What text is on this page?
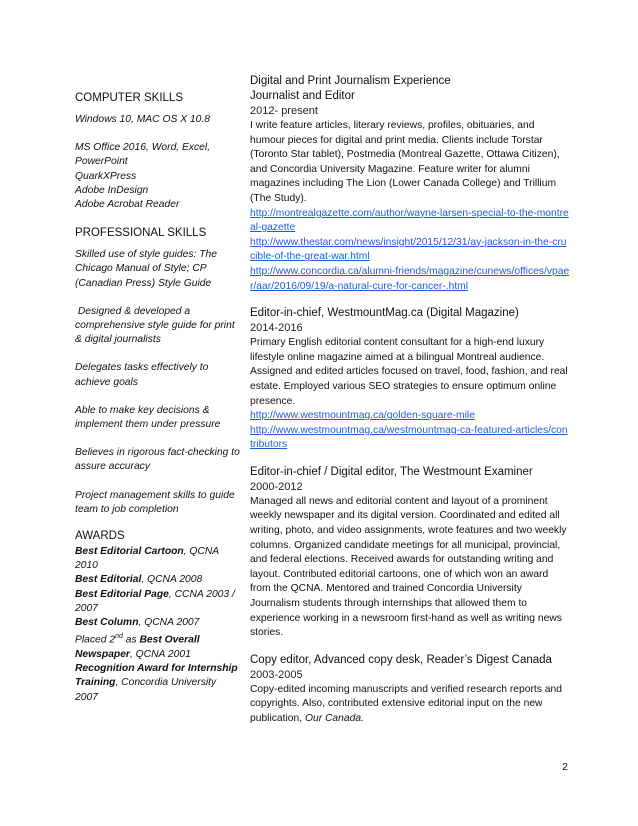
COMPUTER SKILLS
Windows 10, MAC OS X 10.8
MS Office 2016, Word, Excel,
PowerPoint
QuarkXPress
Adobe InDesign
Adobe Acrobat Reader
PROFESSIONAL SKILLS
Skilled use of style guides: The Chicago Manual of Style; CP (Canadian Press) Style Guide
Designed & developed a comprehensive style guide for print & digital journalists
Delegates tasks effectively to achieve goals
Able to make key decisions & implement them under pressure
Believes in rigorous fact-checking to assure accuracy
Project management skills to guide team to job completion
AWARDS
Best Editorial Cartoon, QCNA 2010
Best Editorial, QCNA 2008
Best Editorial Page, CCNA 2003 / 2007
Best Column, QCNA 2007
Placed 2nd as Best Overall Newspaper, QCNA 2001
Recognition Award for Internship Training, Concordia University 2007
Digital and Print Journalism Experience
Journalist and Editor
2012- present
I write feature articles, literary reviews, profiles, obituaries, and humour pieces for digital and print media. Clients include Torstar (Toronto Star tablet), Postmedia (Montreal Gazette, Ottawa Citizen), and Concordia University Magazine. Feature writer for alumni magazines including The Lion (Lower Canada College) and Trillium (The Study).
http://montrealgazette.com/author/wayne-larsen-special-to-the-montreal-gazette
http://www.thestar.com/news/insight/2015/12/31/ay-jackson-in-the-crucible-of-the-great-war.html
http://www.concordia.ca/alumni-friends/magazine/cunews/offices/vpaer/aar/2016/09/19/a-natural-cure-for-cancer-.html
Editor-in-chief, WestmountMag.ca (Digital Magazine)
2014-2016
Primary English editorial content consultant for a high-end luxury lifestyle online magazine aimed at a bilingual Montreal audience. Assigned and edited articles focused on travel, food, fashion, and real estate. Employed various SEO strategies to ensure optimum online presence.
http://www.westmountmag.ca/golden-square-mile
http://www.westmountmag.ca/westmountmag-ca-featured-articles/contributors
Editor-in-chief / Digital editor, The Westmount Examiner
2000-2012
Managed all news and editorial content and layout of a prominent weekly newspaper and its digital version. Coordinated and edited all writing, photo, and video assignments, wrote features and two weekly columns. Organized candidate meetings for all municipal, provincial, and federal elections. Received awards for outstanding writing and layout. Contributed editorial cartoons, one of which won an award from the QCNA. Mentored and trained Concordia University Journalism students through internships that allowed them to experience working in a newsroom first-hand as well as writing news stories.
Copy editor, Advanced copy desk, Reader’s Digest Canada
2003-2005
Copy-edited incoming manuscripts and verified research reports and copyrights. Also, contributed extensive editorial input on the new publication, Our Canada.
2
